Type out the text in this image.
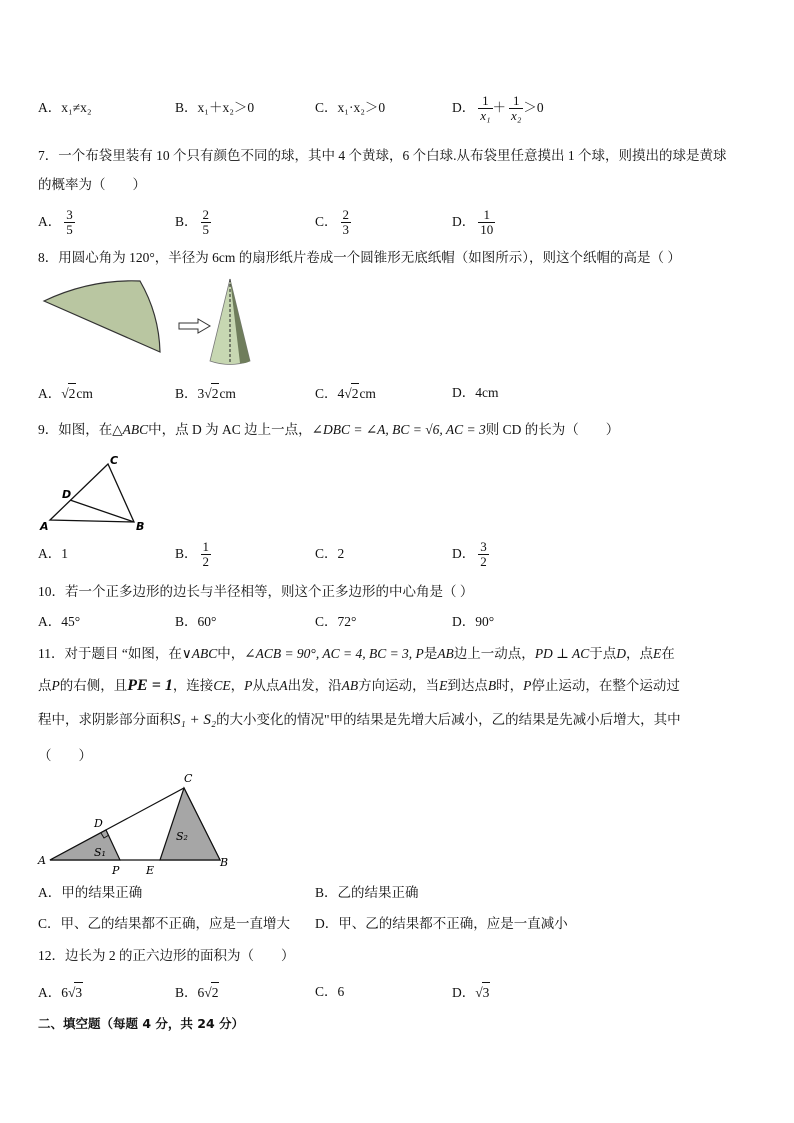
A．x₁≠x₂	B．x₁＋x₂＞0	C．x₁·x₂＞0	D． $\frac{1}{\text{x₁}} + \frac{1}{\text{x₂}} >0$
7．一个布袋里装有 10 个只有颜色不同的球，其中 4 个黄球，6 个白球.从布袋里任意摸出 1 个球，则摸出的球是黄球
的概率为（　　）
A． $\frac{3}{5}$	B． $\frac{2}{5}$	C． $\frac{2}{3}$	D． $\frac{1}{10}$
8．用圆心角为 120°，半径为 6cm 的扇形纸片卷成一个圆锥形无底纸帽（如图所示），则这个纸帽的高是（ ）
A．√2cm	B．3√2cm	C．4√2cm	D．4cm
9．如图，在△ABC中，点 D 为 AC 边上一点，∠DBC = ∠A, BC = √6, AC = 3则 CD 的长为（　　）
C
D
A	B
A．1	B． $\frac{1}{2}$	C．2	D． $\frac{3}{2}$
10．若一个正多边形的边长与半径相等，则这个正多边形的中心角是（ ）
A．45°	B．60°	C．72°	D．90°
11．对于题目 “如图，在∨ABC中，∠ACB = 90°, AC = 4, BC = 3, P是AB边上一动点，PD ⊥ AC于点D，点E在
点P的右侧，且PE = 1，连接CE，P从点A出发，沿AB方向运动，当E到达点B时，P停止运动，在整个运动过
程中，求阴影部分面积S₁ + S₂的大小变化的情况"甲的结果是先增大后减小，乙的结果是先减小后增大，其中
（　　）
C
D
S₁
S₂
A
P E
B
A．甲的结果正确	B．乙的结果正确
C．甲、乙的结果都不正确，应是一直增大 D．甲、乙的结果都不正确，应是一直减小
12．边长为 2 的正六边形的面积为（　　）
A．6√3	B．6√2	C．6	D．√3
二、填空题（每题 4 分，共 24 分）
